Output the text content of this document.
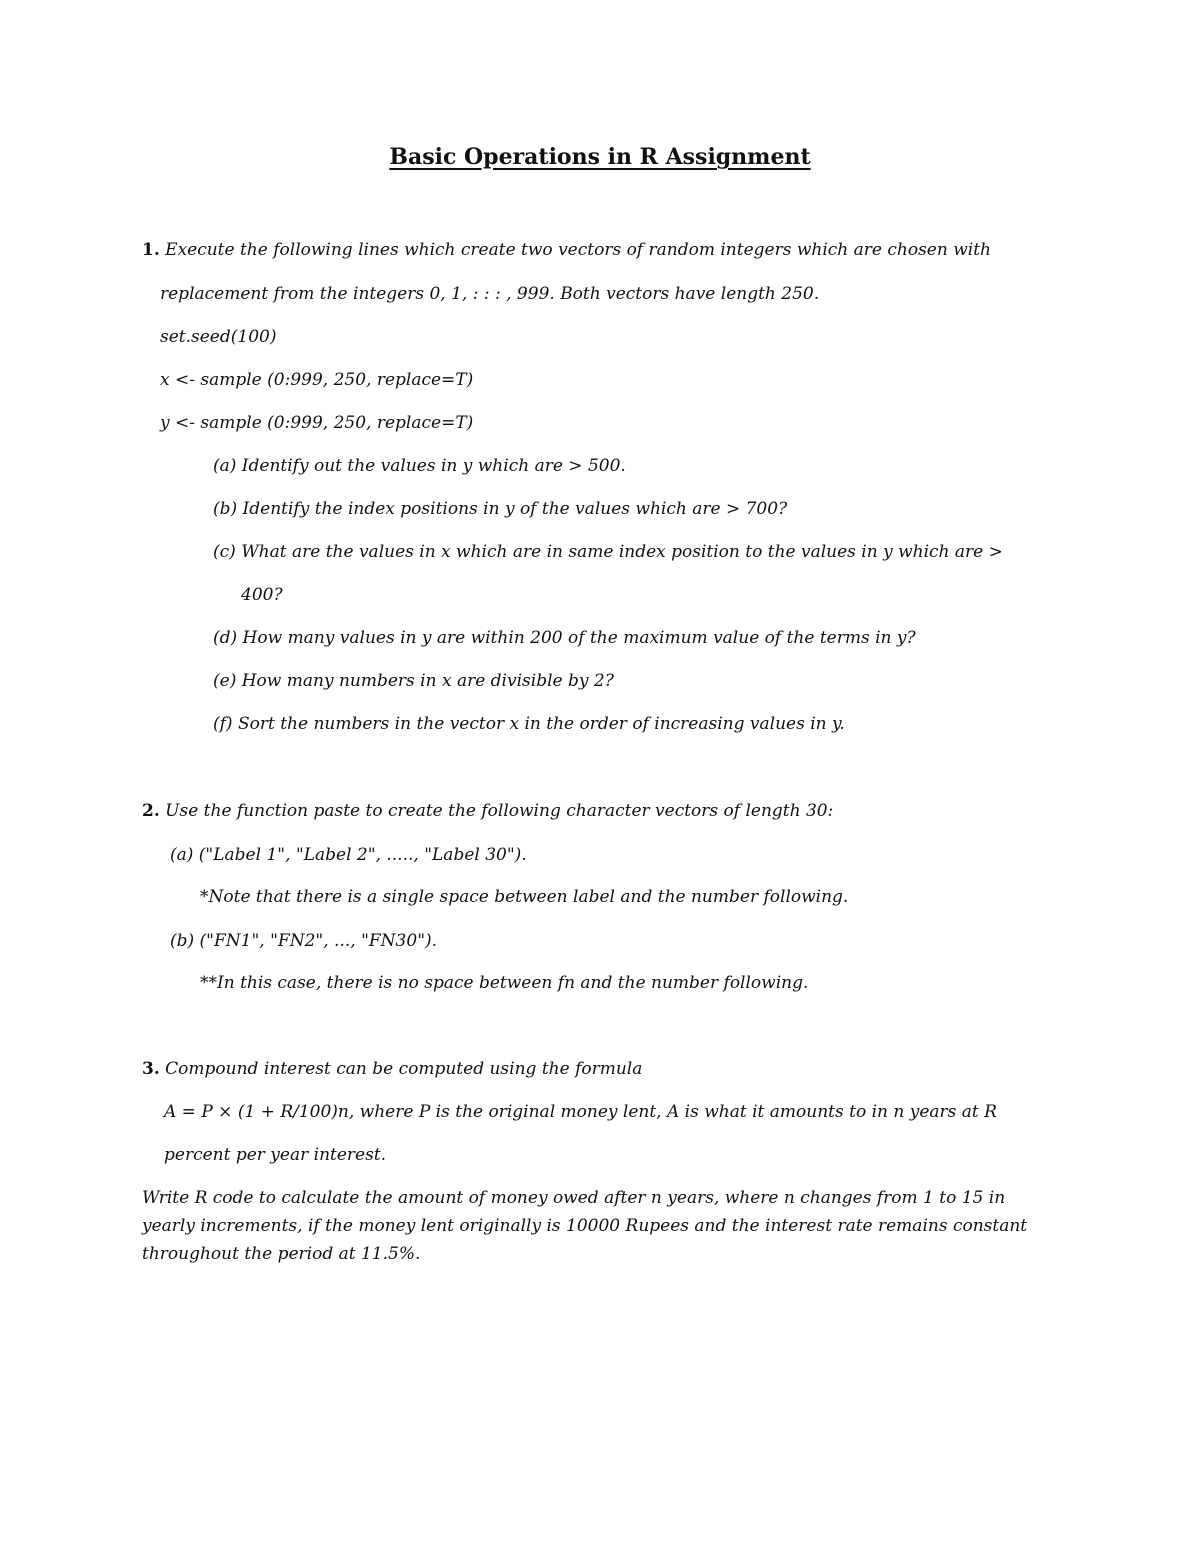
Basic Operations in R Assignment

1. Execute the following lines which create two vectors of random integers which are chosen with

replacement from the integers 0, 1, : : : , 999. Both vectors have length 250.

set.seed(100)

x <- sample (0:999, 250, replace=T)

y <- sample (0:999, 250, replace=T)

(a) Identify out the values in y which are > 500.

(b) Identify the index positions in y of the values which are > 700?

(c) What are the values in x which are in same index position to the values in y which are >

400?

(d) How many values in y are within 200 of the maximum value of the terms in y?

(e) How many numbers in x are divisible by 2?

(f) Sort the numbers in the vector x in the order of increasing values in y.

2. Use the function paste to create the following character vectors of length 30:

(a) ("Label 1", "Label 2", ....., "Label 30").

*Note that there is a single space between label and the number following.

(b) ("FN1", "FN2", ..., "FN30").

**In this case, there is no space between fn and the number following.

3. Compound interest can be computed using the formula

A = P × (1 + R/100)n, where P is the original money lent, A is what it amounts to in n years at R

percent per year interest.

Write R code to calculate the amount of money owed after n years, where n changes from 1 to 15 in yearly increments, if the money lent originally is 10000 Rupees and the interest rate remains constant throughout the period at 11.5%.
